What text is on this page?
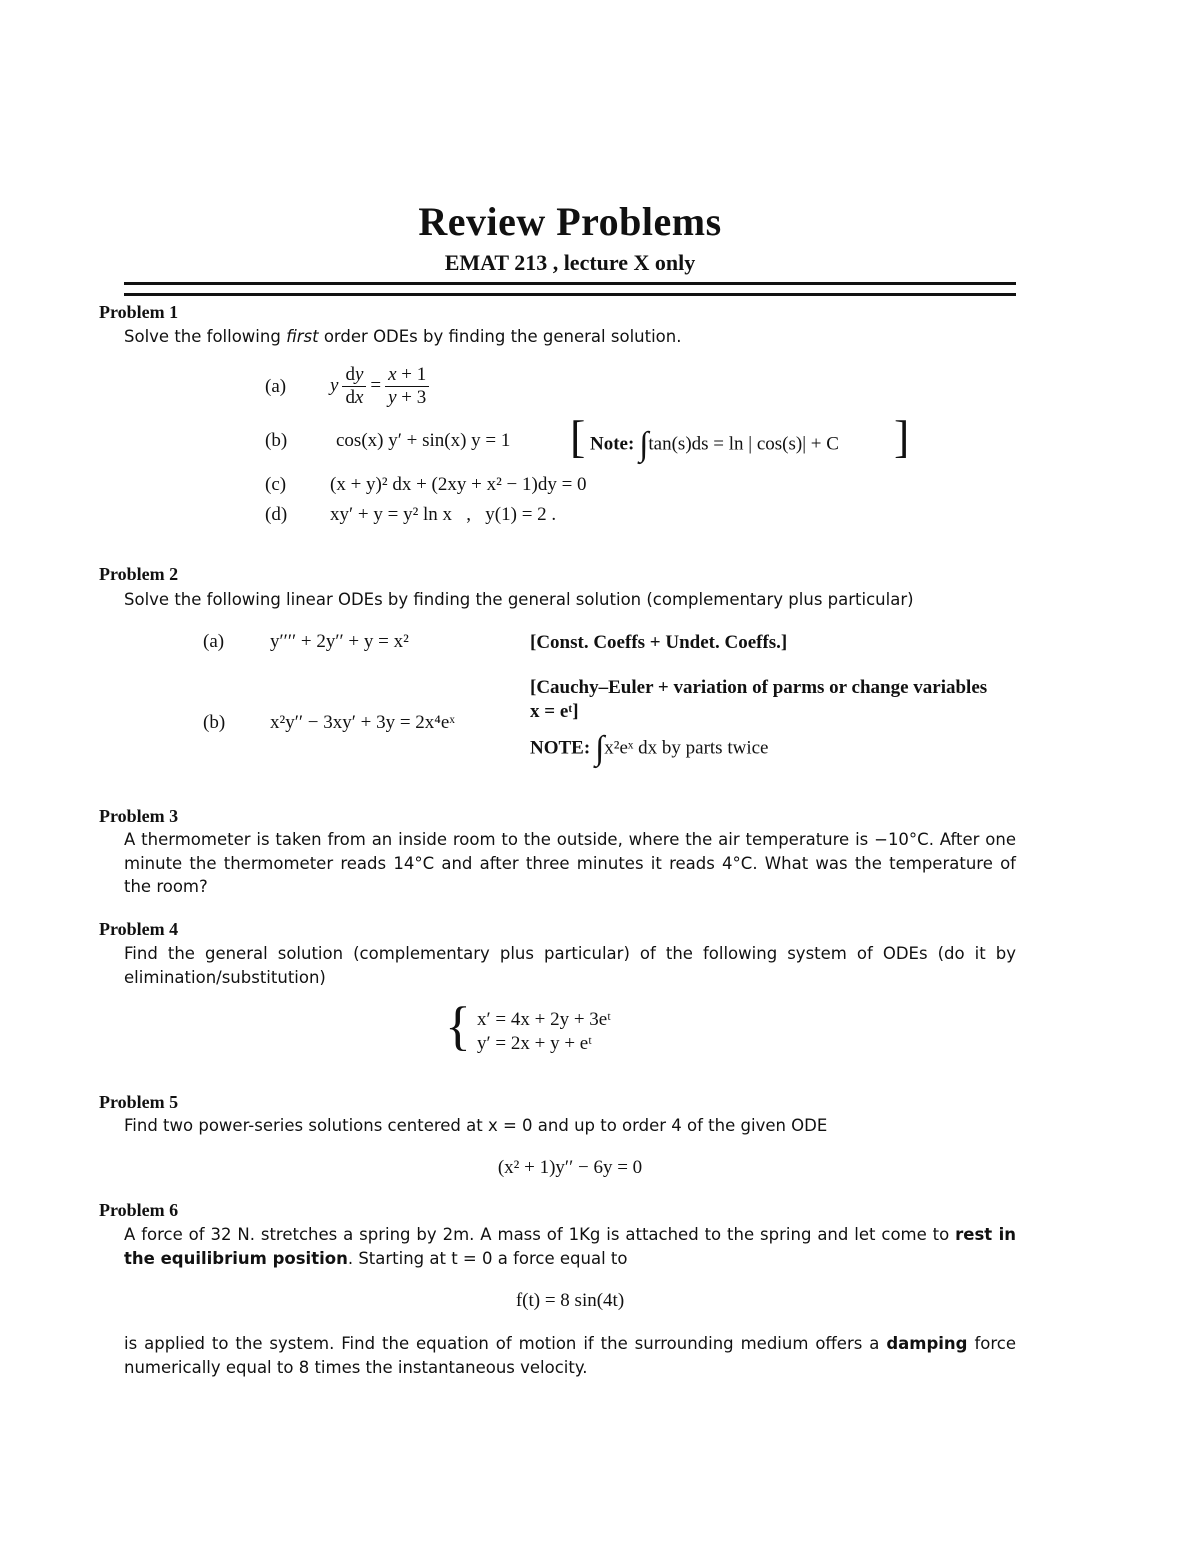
Review Problems
EMAT 213 , lecture X only
Problem 1
Solve the following first order ODEs by finding the general solution.
(a) y $\frac{dy}{dx} = \frac{x + 1}{y + 3}$
(b)	cos(x) y′ + sin(x) y = 1 [ Note: ∫tan(s)ds = ln | cos(s)| + C ]
(c) (x + y)² dx + (2xy + x² − 1)dy = 0
(d) xy′ + y = y² ln x   ,   y(1) = 2 .
Problem 2
Solve the following linear ODEs by finding the general solution (complementary plus particular)
(a) y′′′′ + 2y′′ + y = x²	[Const. Coeffs + Undet. Coeffs.]
(b) x²y′′ − 3xy′ + 3y = 2x⁴eˣ
[Cauchy–Euler + variation of parms or change variables x = eᵗ]
NOTE: ∫x²eˣ dx by parts twice
Problem 3
A thermometer is taken from an inside room to the outside, where the air temperature is −10°C. After one minute the thermometer reads 14°C and after three minutes it reads 4°C. What was the temperature of the room?
Problem 4
Find the general solution (complementary plus particular) of the following system of ODEs (do it by elimination/substitution)
{ x′ = 4x + 2y + 3eᵗ
y′ = 2x + y + eᵗ
Problem 5
Find two power-series solutions centered at x = 0 and up to order 4 of the given ODE
(x² + 1)y′′ − 6y = 0
Problem 6
A force of 32 N. stretches a spring by 2m. A mass of 1Kg is attached to the spring and let come to rest in the equilibrium position. Starting at t = 0 a force equal to
f(t) = 8 sin(4t)
is applied to the system. Find the equation of motion if the surrounding medium offers a damping force numerically equal to 8 times the instantaneous velocity.
